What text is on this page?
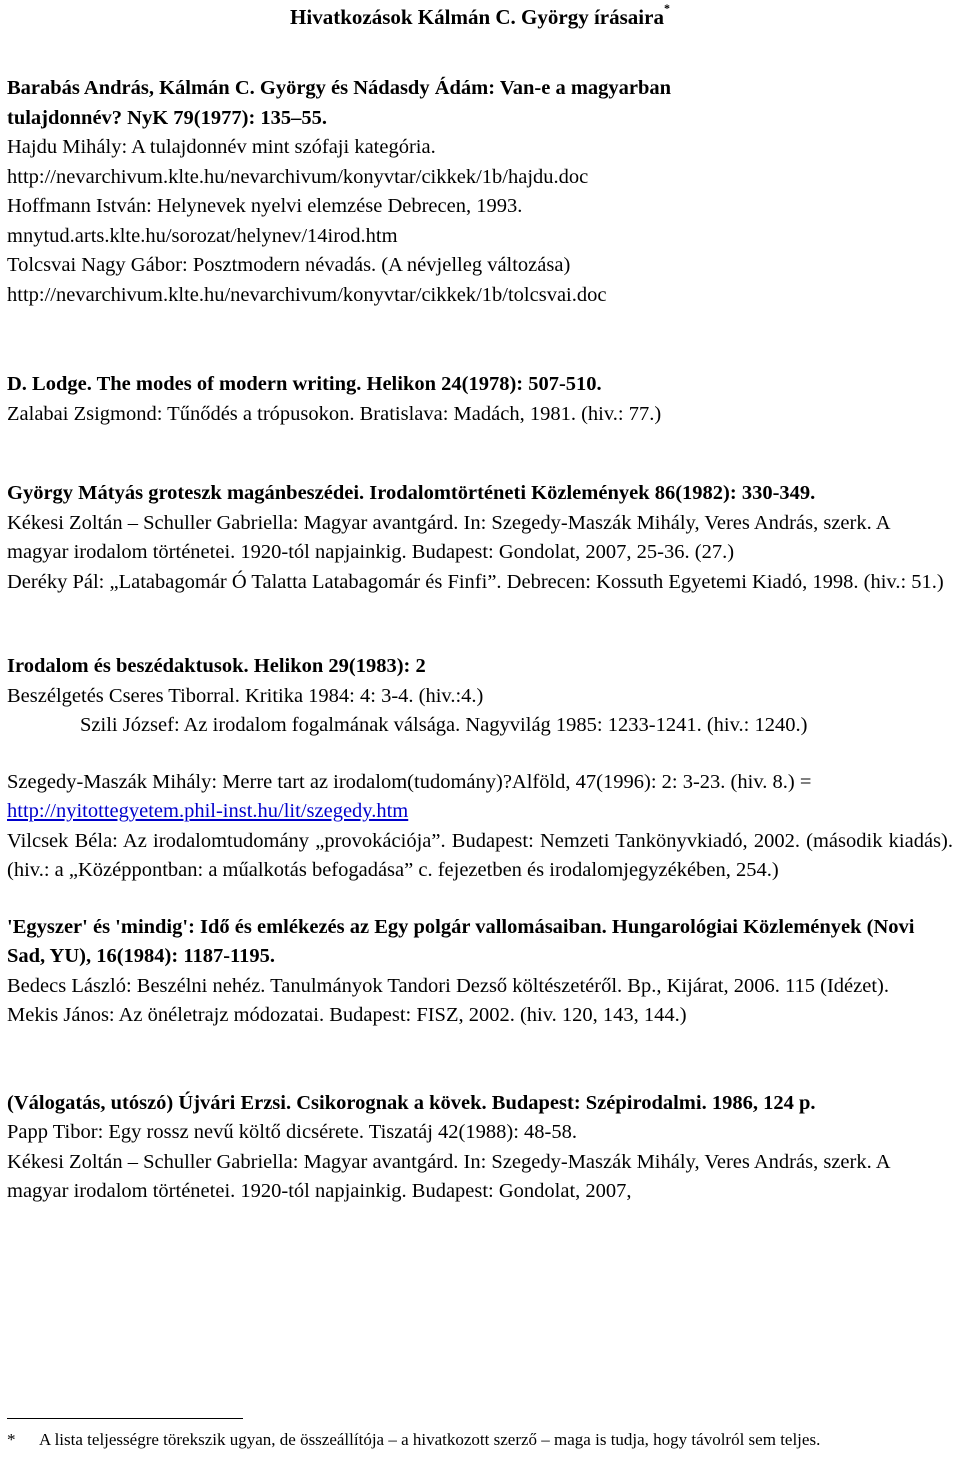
Hivatkozások Kálmán C. György írásaira*
Barabás András, Kálmán C. György és Nádasdy Ádám: Van-e a magyarban
tulajdonnév? NyK 79(1977): 135–55.
Hajdu Mihály: A tulajdonnév mint szófaji kategória.
http://nevarchivum.klte.hu/nevarchivum/konyvtar/cikkek/1b/hajdu.doc
Hoffmann István: Helynevek nyelvi elemzése Debrecen, 1993.
mnytud.arts.klte.hu/sorozat/helynev/14irod.htm
Tolcsvai Nagy Gábor: Posztmodern névadás. (A névjelleg változása)
http://nevarchivum.klte.hu/nevarchivum/konyvtar/cikkek/1b/tolcsvai.doc
D. Lodge. The modes of modern writing. Helikon 24(1978): 507-510.
Zalabai Zsigmond: Tűnődés a trópusokon. Bratislava: Madách, 1981. (hiv.: 77.)
György Mátyás groteszk magánbeszédei. Irodalomtörténeti Közlemények 86(1982): 330-349.
Kékesi Zoltán – Schuller Gabriella: Magyar avantgárd. In: Szegedy-Maszák Mihály, Veres András, szerk. A magyar irodalom történetei. 1920-tól napjainkig. Budapest: Gondolat, 2007, 25-36. (27.)
Deréky Pál: „Latabagomár Ó Talatta Latabagomár és Finfi”. Debrecen: Kossuth Egyetemi Kiadó, 1998. (hiv.: 51.)
Irodalom és beszédaktusok. Helikon 29(1983): 2
Beszélgetés Cseres Tiborral. Kritika 1984: 4: 3-4. (hiv.:4.)
Szili József: Az irodalom fogalmának válsága. Nagyvilág 1985: 1233-1241. (hiv.: 1240.)
Szegedy-Maszák Mihály: Merre tart az irodalom(tudomány)?Alföld, 47(1996): 2: 3-23. (hiv. 8.) = http://nyitottegyetem.phil-inst.hu/lit/szegedy.htm
Vilcsek Béla: Az irodalomtudomány „provokációja”. Budapest: Nemzeti Tankönyvkiadó, 2002. (második kiadás). (hiv.: a „Középpontban: a műalkotás befogadása” c. fejezetben és irodalomjegyzékében, 254.)
'Egyszer' és 'mindig': Idő és emlékezés az Egy polgár vallomásaiban. Hungarológiai Közlemények (Novi Sad, YU), 16(1984): 1187-1195.
Bedecs László: Beszélni nehéz. Tanulmányok Tandori Dezső költészetéről. Bp., Kijárat, 2006. 115 (Idézet).
Mekis János: Az önéletrajz módozatai. Budapest: FISZ, 2002. (hiv. 120, 143, 144.)
(Válogatás, utószó) Újvári Erzsi. Csikorognak a kövek. Budapest: Szépirodalmi. 1986, 124 p.
Papp Tibor: Egy rossz nevű költő dicsérete. Tiszatáj 42(1988): 48-58.
Kékesi Zoltán – Schuller Gabriella: Magyar avantgárd. In: Szegedy-Maszák Mihály, Veres András, szerk. A magyar irodalom történetei. 1920-tól napjainkig. Budapest: Gondolat, 2007,
* A lista teljességre törekszik ugyan, de összeállítója – a hivatkozott szerző – maga is tudja, hogy távolról sem teljes.
